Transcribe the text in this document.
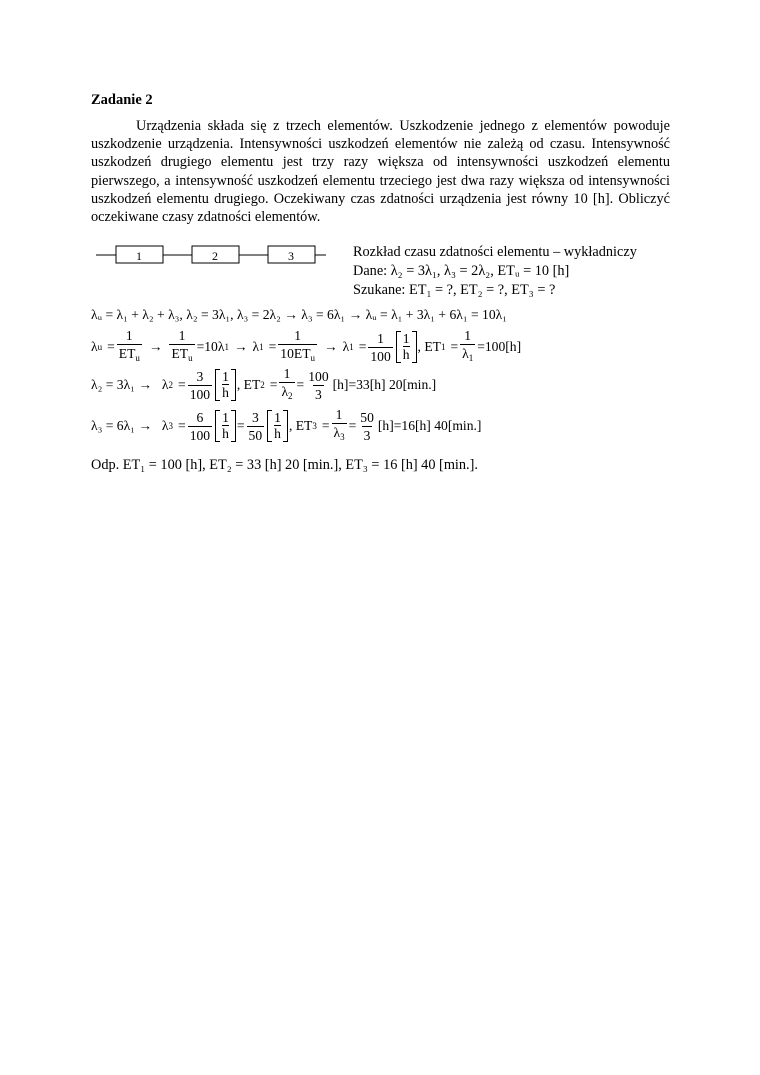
Zadanie 2
Urządzenia składa się z trzech elementów. Uszkodzenie jednego z elementów powoduje uszkodzenie urządzenia. Intensywności uszkodzeń elementów nie zależą od czasu. Intensywność uszkodzeń drugiego elementu jest trzy razy większa od intensywności uszkodzeń elementu pierwszego, a intensywność uszkodzeń elementu trzeciego jest dwa razy większa od intensywności uszkodzeń elementu drugiego. Oczekiwany czas zdatności urządzenia jest równy 10 [h]. Obliczyć oczekiwane czasy zdatności elementów.
1	2	3	Rozkład czasu zdatności elementu – wykładniczy
Dane: λ₂ = 3λ₁, λ₃ = 2λ₂, ETᵤ = 10 [h]
Szukane: ET₁ = ?, ET₂ = ?, ET₃ = ?
λᵤ = λ₁ + λ₂ + λ₃, λ₂ = 3λ₁, λ₃ = 2λ₂ → λ₃ = 6λ₁ → λᵤ = λ₁ + 3λ₁ + 6λ₁ = 10λ₁
λ $u = \frac{1}{ET_u} \to \frac{1}{ET_u} =10\lambda$ 1 → λ $1 = \frac{1}{10ET_u} \to \lambda$ $1 = \frac{1}{100} \frac{1}{h}$ , ET $1 = \frac{1}{\lambda_1} =100[h]$
λ₂ = 3λ₁ → λ $2 = \frac{3}{100} \frac{1}{h}$ , ET $2 = \frac{1}{\lambda_2} = \frac{100}{3} [h]=33[h]$ 20[min.]
λ₃ = 6λ₁ → λ $3 = \frac{6}{100} \frac{1}{h} = \frac{3}{50} \frac{1}{h}$ , ET $3 = \frac{1}{\lambda_3} = \frac{50}{3} [h]=16[h]$ 40[min.]
Odp. ET₁ = 100 [h], ET₂ = 33 [h] 20 [min.], ET₃ = 16 [h] 40 [min.].
